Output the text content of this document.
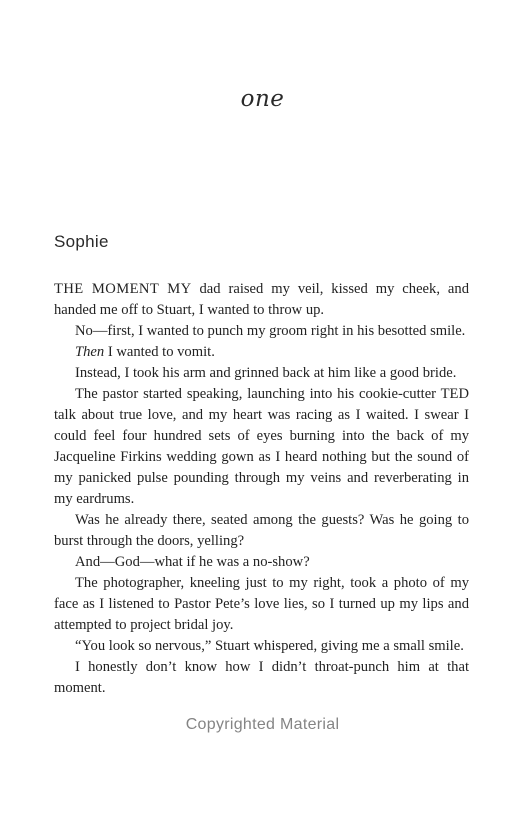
one
Sophie

THE MOMENT MY dad raised my veil, kissed my cheek, and handed me off to Stuart, I wanted to throw up.

No—first, I wanted to punch my groom right in his besotted smile.

Then I wanted to vomit.

Instead, I took his arm and grinned back at him like a good bride.

The pastor started speaking, launching into his cookie-cutter TED talk about true love, and my heart was racing as I waited. I swear I could feel four hundred sets of eyes burning into the back of my Jacqueline Firkins wedding gown as I heard nothing but the sound of my panicked pulse pounding through my veins and reverberating in my eardrums.

Was he already there, seated among the guests? Was he going to burst through the doors, yelling?

And—God—what if he was a no-show?

The photographer, kneeling just to my right, took a photo of my face as I listened to Pastor Pete’s love lies, so I turned up my lips and attempted to project bridal joy.

“You look so nervous,” Stuart whispered, giving me a small smile.

I honestly don’t know how I didn’t throat-punch him at that moment.

Copyrighted Material
